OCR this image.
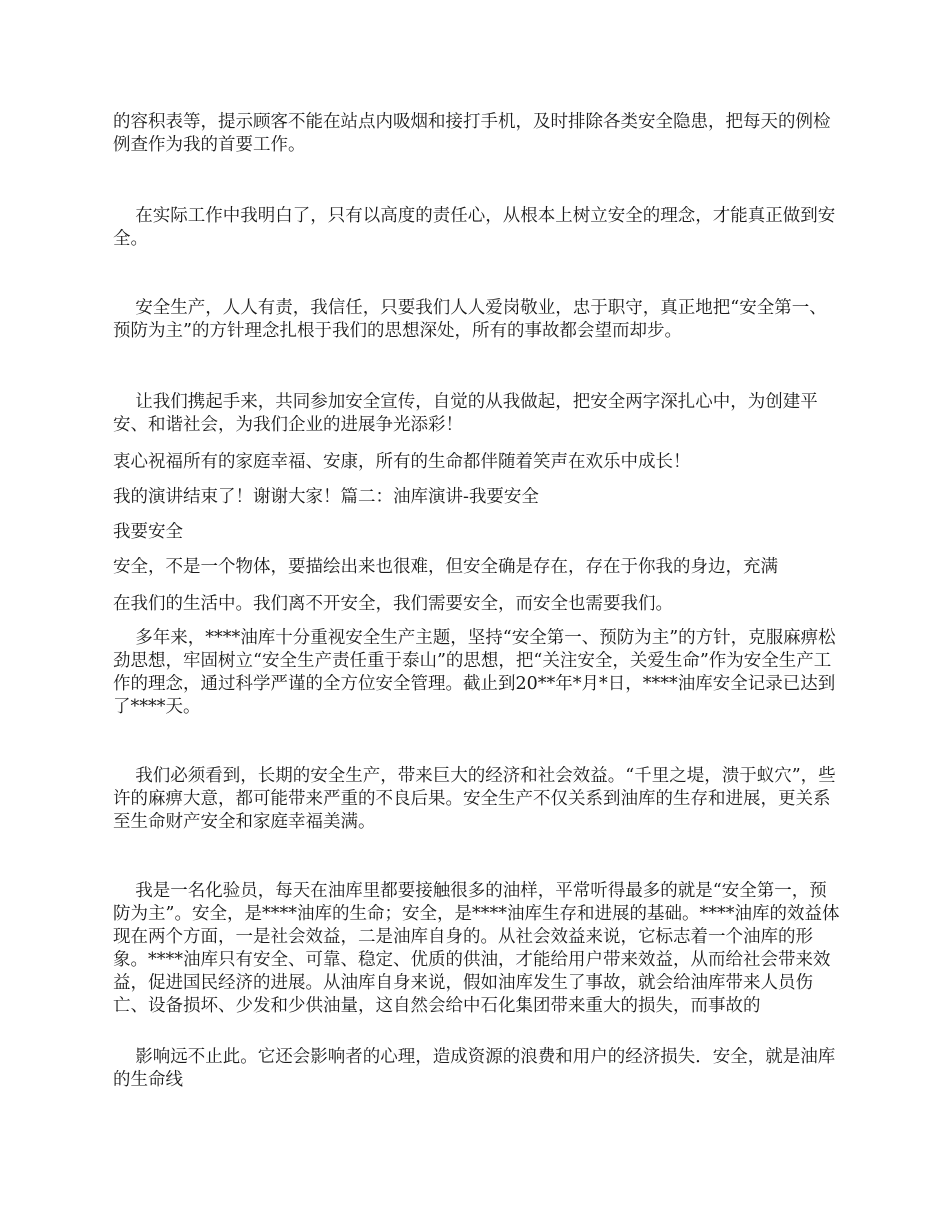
的容积表等，提示顾客不能在站点内吸烟和接打手机，及时排除各类安全隐患，把每天的例检例查作为我的首要工作。

在实际工作中我明白了，只有以高度的责任心，从根本上树立安全的理念，才能真正做到安全。

安全生产，人人有责，我信任，只要我们人人爱岗敬业，忠于职守，真正地把“安全第一、预防为主”的方针理念扎根于我们的思想深处，所有的事故都会望而却步。

让我们携起手来，共同参加安全宣传，自觉的从我做起，把安全两字深扎心中，为创建平安、和谐社会，为我们企业的进展争光添彩！

衷心祝福所有的家庭幸福、安康，所有的生命都伴随着笑声在欢乐中成长！

我的演讲结束了！谢谢大家！篇二：油库演讲-我要安全

我要安全

安全，不是一个物体，要描绘出来也很难，但安全确是存在，存在于你我的身边，充满

在我们的生活中。我们离不开安全，我们需要安全，而安全也需要我们。

多年来，****油库十分重视安全生产主题，坚持“安全第一、预防为主”的方针，克服麻痹松劲思想，牢固树立“安全生产责任重于泰山”的思想，把“关注安全，关爱生命”作为安全生产工作的理念，通过科学严谨的全方位安全管理。截止到20**年*月*日，****油库安全记录已达到了****天。

我们必须看到，长期的安全生产，带来巨大的经济和社会效益。“千里之堤，溃于蚁穴”，些许的麻痹大意，都可能带来严重的不良后果。安全生产不仅关系到油库的生存和进展，更关系至生命财产安全和家庭幸福美满。

我是一名化验员，每天在油库里都要接触很多的油样，平常听得最多的就是“安全第一，预防为主”。安全，是****油库的生命；安全，是****油库生存和进展的基础。****油库的效益体现在两个方面，一是社会效益，二是油库自身的。从社会效益来说，它标志着一个油库的形象。****油库只有安全、可靠、稳定、优质的供油，才能给用户带来效益，从而给社会带来效益，促进国民经济的进展。从油库自身来说，假如油库发生了事故，就会给油库带来人员伤亡、设备损坏、少发和少供油量，这自然会给中石化集团带来重大的损失，而事故的

影响远不止此。它还会影响者的心理，造成资源的浪费和用户的经济损失．安全，就是油库的生命线
